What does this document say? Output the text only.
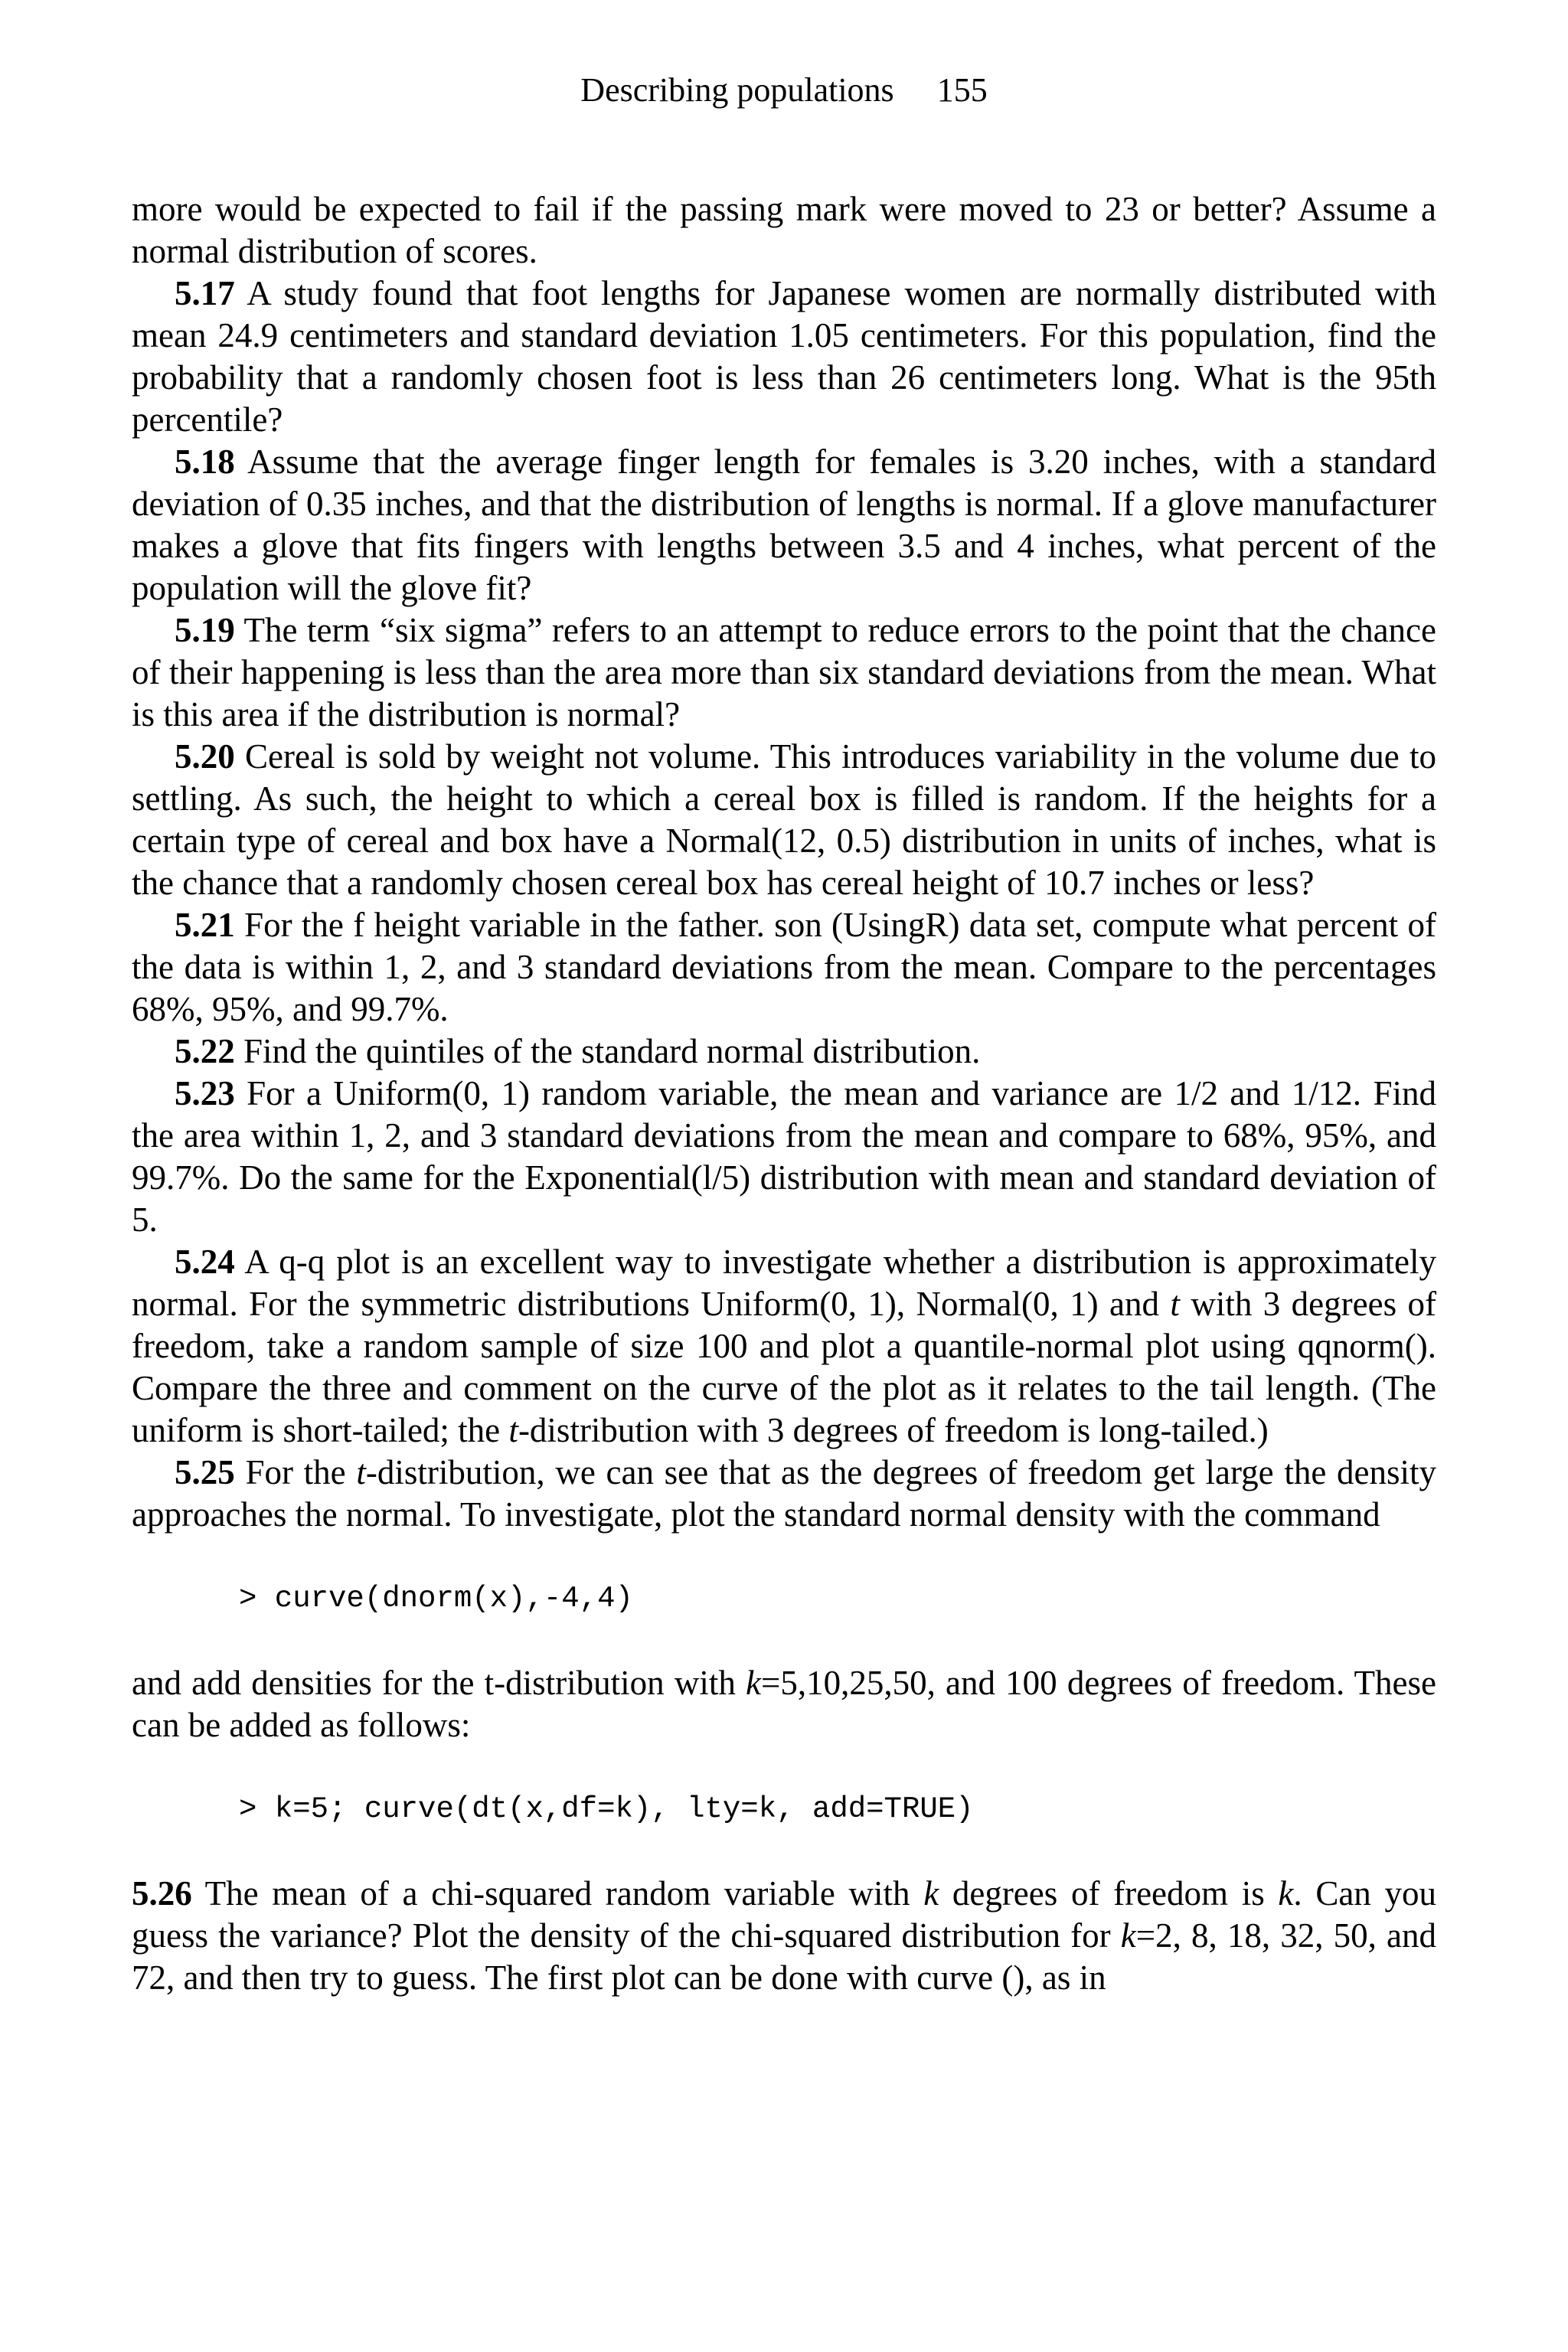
Describing populations 155

more would be expected to fail if the passing mark were moved to 23 or better? Assume a normal distribution of scores.

5.17 A study found that foot lengths for Japanese women are normally distributed with mean 24.9 centimeters and standard deviation 1.05 centimeters. For this population, find the probability that a randomly chosen foot is less than 26 centimeters long. What is the 95th percentile?

5.18 Assume that the average finger length for females is 3.20 inches, with a standard deviation of 0.35 inches, and that the distribution of lengths is normal. If a glove manufacturer makes a glove that fits fingers with lengths between 3.5 and 4 inches, what percent of the population will the glove fit?

5.19 The term “six sigma” refers to an attempt to reduce errors to the point that the chance of their happening is less than the area more than six standard deviations from the mean. What is this area if the distribution is normal?

5.20 Cereal is sold by weight not volume. This introduces variability in the volume due to settling. As such, the height to which a cereal box is filled is random. If the heights for a certain type of cereal and box have a Normal(12, 0.5) distribution in units of inches, what is the chance that a randomly chosen cereal box has cereal height of 10.7 inches or less?

5.21 For the f height variable in the father. son (UsingR) data set, compute what percent of the data is within 1, 2, and 3 standard deviations from the mean. Compare to the percentages 68%, 95%, and 99.7%.

5.22 Find the quintiles of the standard normal distribution.

5.23 For a Uniform(0, 1) random variable, the mean and variance are 1/2 and 1/12. Find the area within 1, 2, and 3 standard deviations from the mean and compare to 68%, 95%, and 99.7%. Do the same for the Exponential(l/5) distribution with mean and standard deviation of 5.

5.24 A q-q plot is an excellent way to investigate whether a distribution is approximately normal. For the symmetric distributions Uniform(0, 1), Normal(0, 1) and t with 3 degrees of freedom, take a random sample of size 100 and plot a quantile-normal plot using qqnorm(). Compare the three and comment on the curve of the plot as it relates to the tail length. (The uniform is short-tailed; the t-distribution with 3 degrees of freedom is long-tailed.)

5.25 For the t-distribution, we can see that as the degrees of freedom get large the density approaches the normal. To investigate, plot the standard normal density with the command

> curve(dnorm(x),-4,4)

and add densities for the t-distribution with k=5,10,25,50, and 100 degrees of freedom. These can be added as follows:

> k=5; curve(dt(x,df=k), lty=k, add=TRUE)

5.26 The mean of a chi-squared random variable with k degrees of freedom is k. Can you guess the variance? Plot the density of the chi-squared distribution for k=2, 8, 18, 32, 50, and 72, and then try to guess. The first plot can be done with curve (), as in
